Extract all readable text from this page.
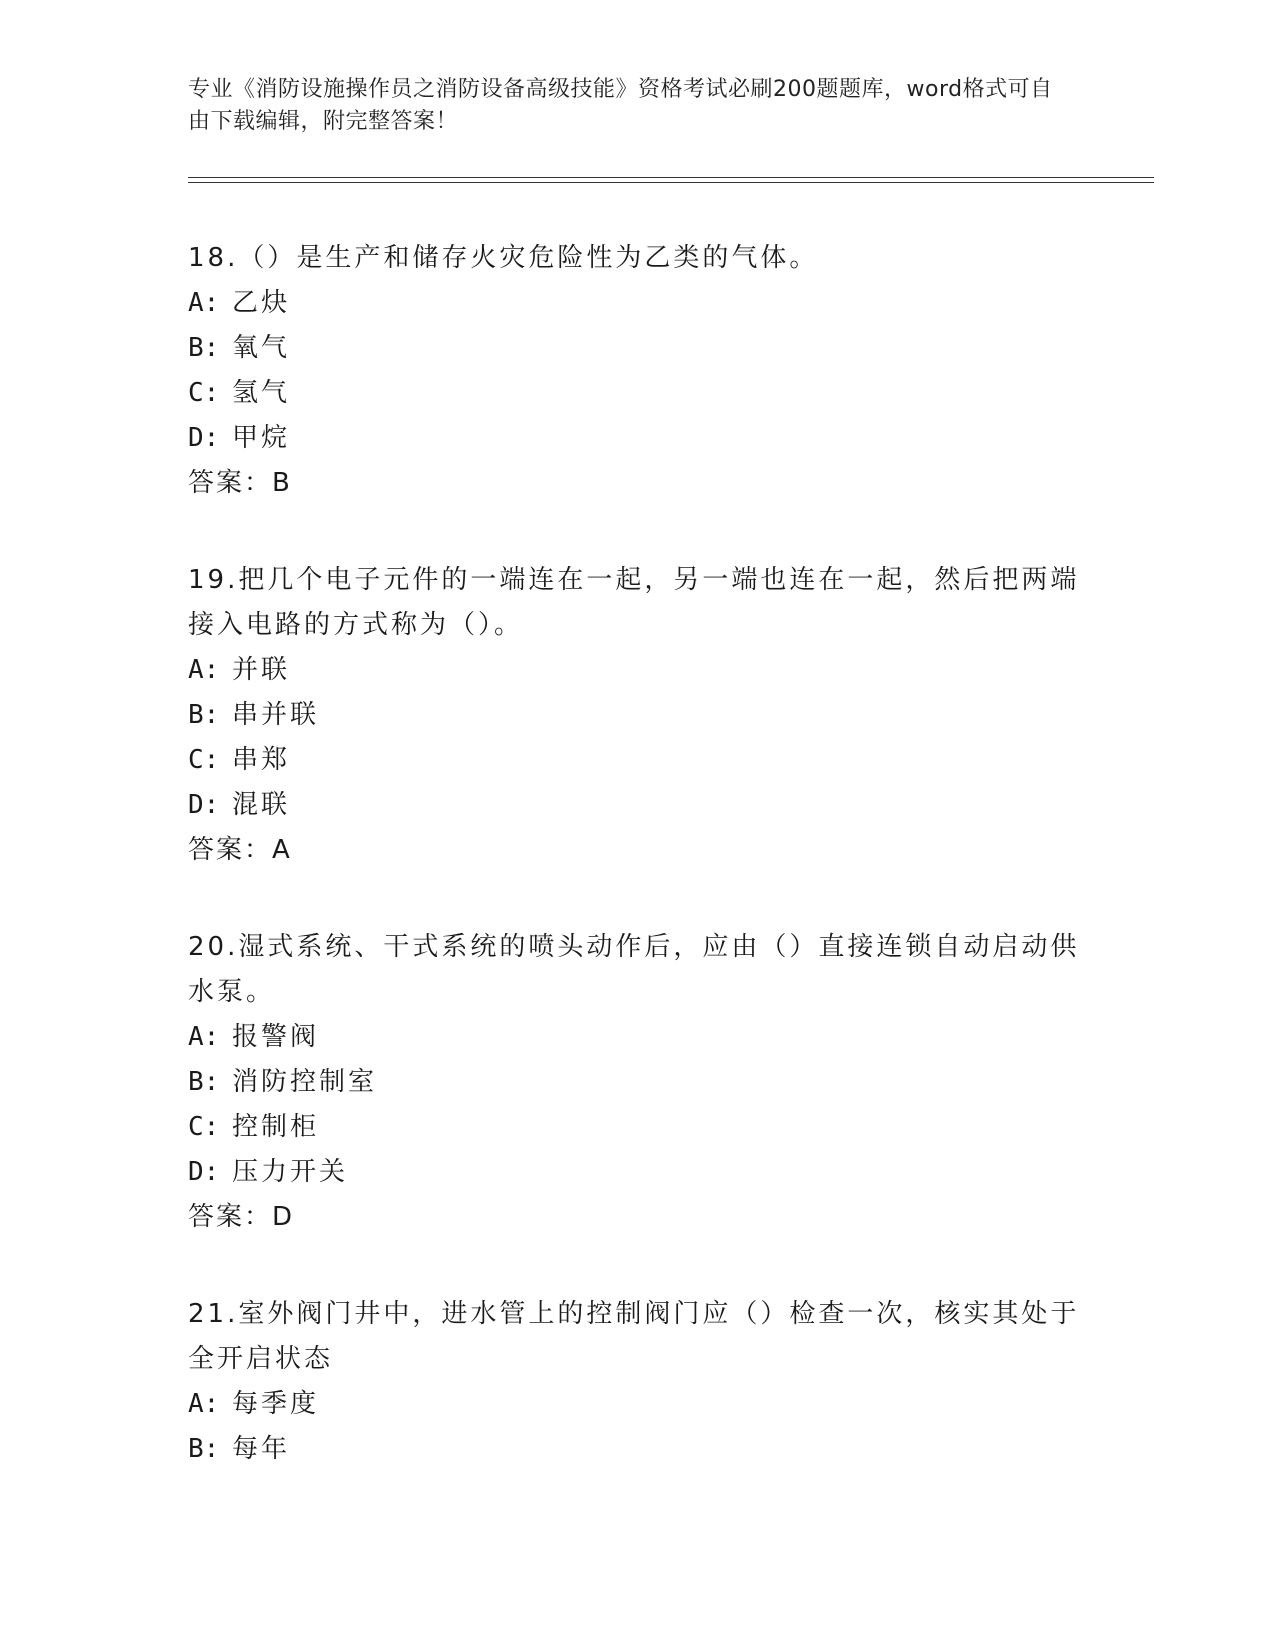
专业《消防设施操作员之消防设备高级技能》资格考试必刷200题题库，word格式可自由下载编辑，附完整答案！

18.（）是生产和储存火灾危险性为乙类的气体。

A: 乙炔

B: 氧气

C: 氢气

D: 甲烷

答案：B

19.把几个电子元件的一端连在一起，另一端也连在一起，然后把两端接入电路的方式称为（）。

A: 并联

B: 串并联

C: 串郑

D: 混联

答案：A

20.湿式系统、干式系统的喷头动作后，应由（）直接连锁自动启动供水泵。

A: 报警阀

B: 消防控制室

C: 控制柜

D: 压力开关

答案：D

21.室外阀门井中，进水管上的控制阀门应（）检查一次，核实其处于全开启状态

A: 每季度

B: 每年
